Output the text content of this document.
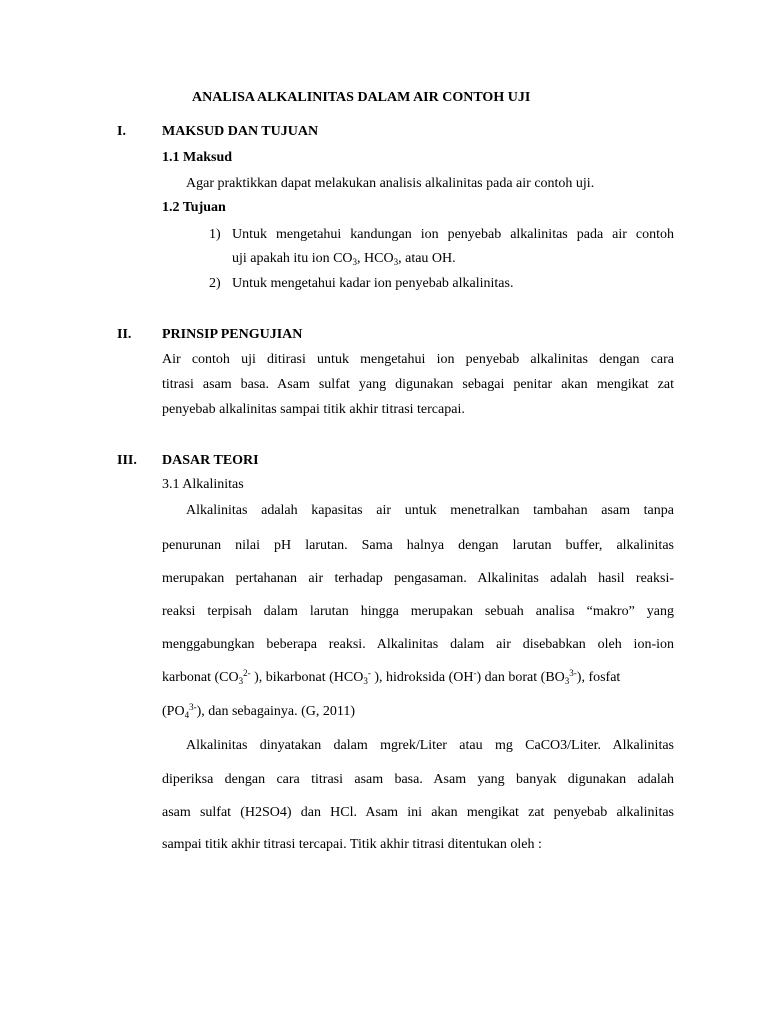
ANALISA ALKALINITAS DALAM AIR CONTOH UJI
I.	MAKSUD DAN TUJUAN
1.1 Maksud
Agar praktikkan dapat melakukan analisis alkalinitas pada air contoh uji.
1.2 Tujuan
1) Untuk mengetahui kandungan ion penyebab alkalinitas pada air contoh
uji apakah itu ion $CO_3$, $HCO_3$, atau OH.
2) Untuk mengetahui kadar ion penyebab alkalinitas.
II. PRINSIP PENGUJIAN
Air contoh uji ditirasi untuk mengetahui ion penyebab alkalinitas dengan cara
titrasi asam basa. Asam sulfat yang digunakan sebagai penitar akan mengikat zat
penyebab alkalinitas sampai titik akhir titrasi tercapai.
III. DASAR TEORI
3.1 Alkalinitas
Alkalinitas adalah kapasitas air untuk menetralkan tambahan asam tanpa
penurunan nilai pH larutan. Sama halnya dengan larutan buffer, alkalinitas
merupakan pertahanan air terhadap pengasaman. Alkalinitas adalah hasil reaksi-
reaksi terpisah dalam larutan hingga merupakan sebuah analisa “makro” yang
menggabungkan beberapa reaksi. Alkalinitas dalam air disebabkan oleh ion-ion
karbonat ($CO_3^{2-}$ ), bikarbonat ($HCO_3^-$ ), hidroksida (OH-) dan borat $(BO_3^{3-})$, fosfat
$(PO_4^{3-})$, dan sebagainya. (G, 2011)
Alkalinitas dinyatakan dalam mgrek/Liter atau mg CaCO3/Liter. Alkalinitas
diperiksa dengan cara titrasi asam basa. Asam yang banyak digunakan adalah
asam sulfat (H2SO4) dan HCl. Asam ini akan mengikat zat penyebab alkalinitas
sampai titik akhir titrasi tercapai. Titik akhir titrasi ditentukan oleh :
